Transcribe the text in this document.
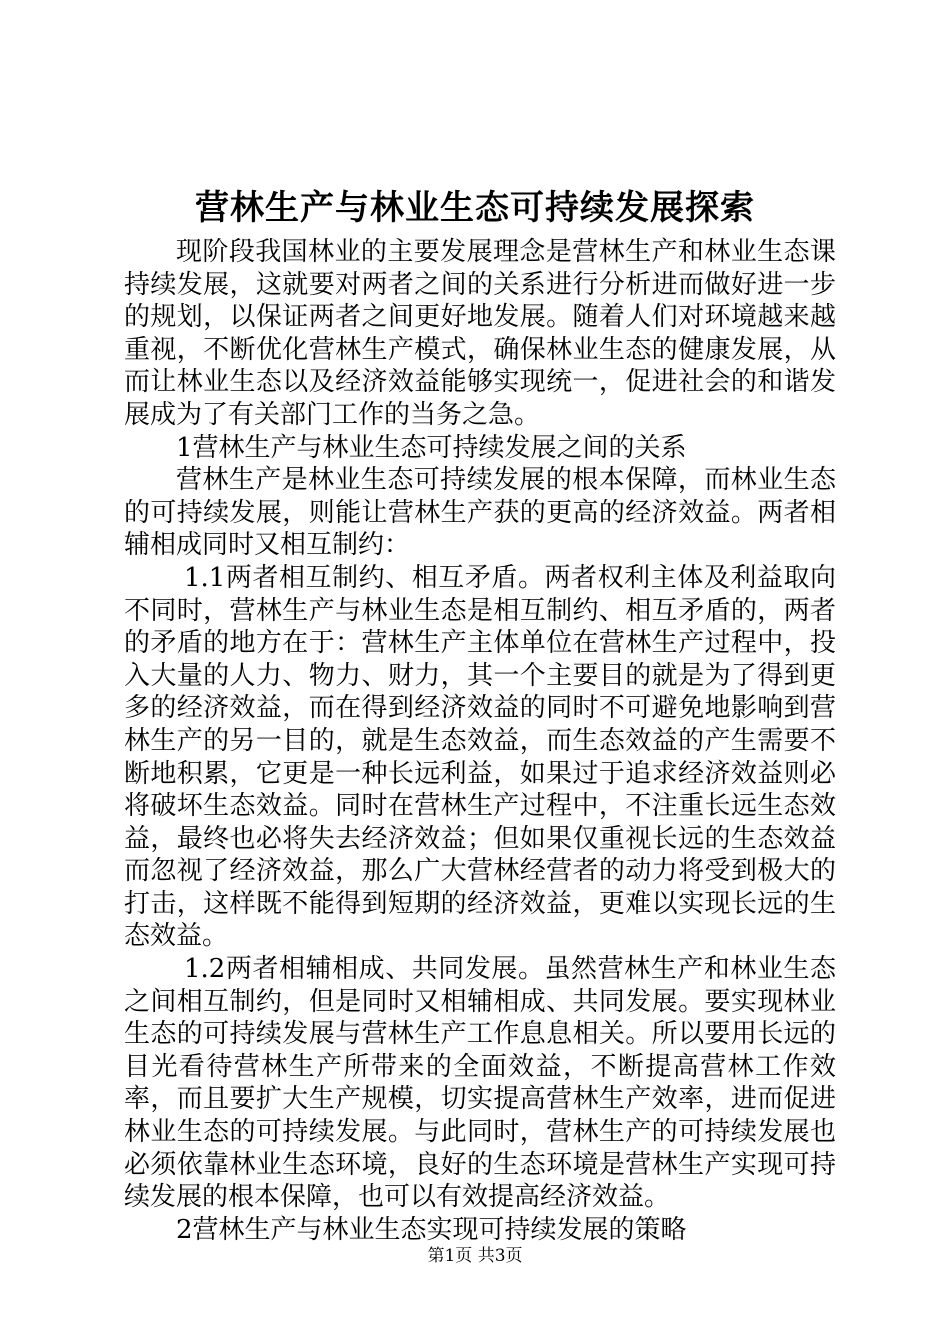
营林生产与林业生态可持续发展探索

现阶段我国林业的主要发展理念是营林生产和林业生态课持续发展，这就要对两者之间的关系进行分析进而做好进一步的规划，以保证两者之间更好地发展。随着人们对环境越来越重视，不断优化营林生产模式，确保林业生态的健康发展，从而让林业生态以及经济效益能够实现统一，促进社会的和谐发展成为了有关部门工作的当务之急。

1营林生产与林业生态可持续发展之间的关系

营林生产是林业生态可持续发展的根本保障，而林业生态的可持续发展，则能让营林生产获的更高的经济效益。两者相辅相成同时又相互制约：

1.1两者相互制约、相互矛盾。两者权利主体及利益取向不同时，营林生产与林业生态是相互制约、相互矛盾的，两者的矛盾的地方在于：营林生产主体单位在营林生产过程中，投入大量的人力、物力、财力，其一个主要目的就是为了得到更多的经济效益，而在得到经济效益的同时不可避免地影响到营林生产的另一目的，就是生态效益，而生态效益的产生需要不断地积累，它更是一种长远利益，如果过于追求经济效益则必将破坏生态效益。同时在营林生产过程中，不注重长远生态效益，最终也必将失去经济效益；但如果仅重视长远的生态效益而忽视了经济效益，那么广大营林经营者的动力将受到极大的打击，这样既不能得到短期的经济效益，更难以实现长远的生态效益。

1.2两者相辅相成、共同发展。虽然营林生产和林业生态之间相互制约，但是同时又相辅相成、共同发展。要实现林业生态的可持续发展与营林生产工作息息相关。所以要用长远的目光看待营林生产所带来的全面效益，不断提高营林工作效率，而且要扩大生产规模，切实提高营林生产效率，进而促进林业生态的可持续发展。与此同时，营林生产的可持续发展也必须依靠林业生态环境，良好的生态环境是营林生产实现可持续发展的根本保障，也可以有效提高经济效益。

2营林生产与林业生态实现可持续发展的策略

第1页 共3页
